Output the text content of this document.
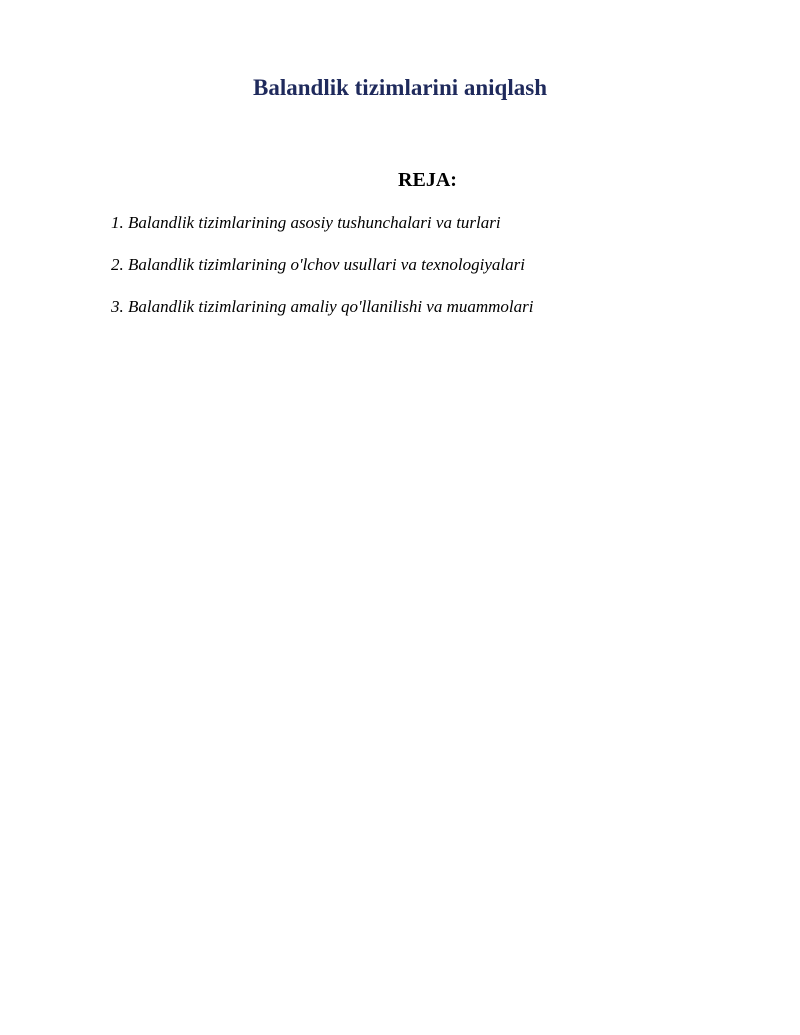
Balandlik tizimlarini aniqlash
REJA:
1. Balandlik tizimlarining asosiy tushunchalari va turlari
2. Balandlik tizimlarining o'lchov usullari va texnologiyalari
3. Balandlik tizimlarining amaliy qo'llanilishi va muammolari
